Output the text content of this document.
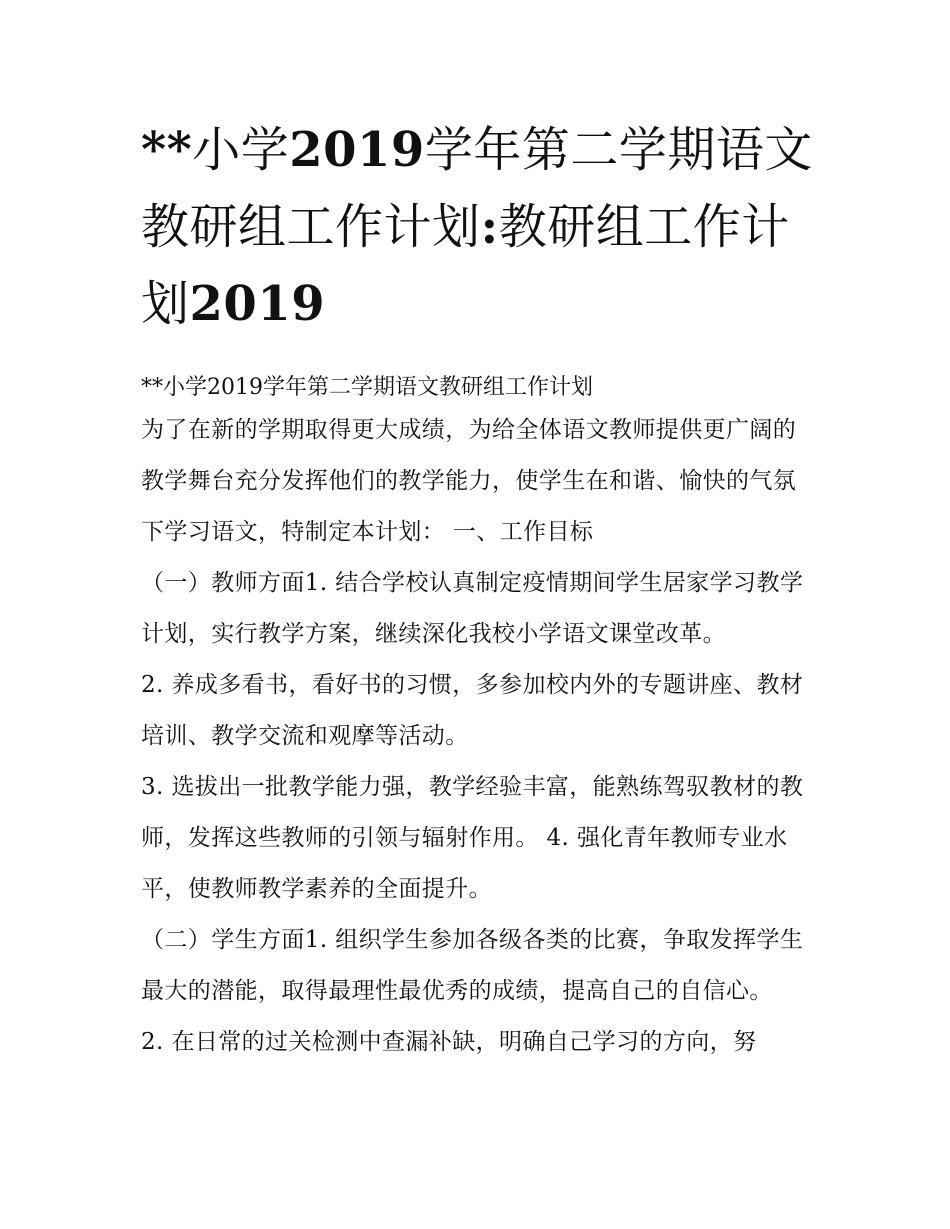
**小学2019学年第二学期语文教研组工作计划:教研组工作计划2019
**小学2019学年第二学期语文教研组工作计划

为了在新的学期取得更大成绩，为给全体语文教师提供更广阔的教学舞台充分发挥他们的教学能力，使学生在和谐、愉快的气氛下学习语文，特制定本计划： 一、工作目标

（一）教师方面1. 结合学校认真制定疫情期间学生居家学习教学计划，实行教学方案，继续深化我校小学语文课堂改革。

2. 养成多看书，看好书的习惯，多参加校内外的专题讲座、教材培训、教学交流和观摩等活动。

3. 选拔出一批教学能力强，教学经验丰富，能熟练驾驭教材的教师，发挥这些教师的引领与辐射作用。 4. 强化青年教师专业水平，使教师教学素养的全面提升。

（二）学生方面1. 组织学生参加各级各类的比赛，争取发挥学生最大的潜能，取得最理性最优秀的成绩，提高自己的自信心。

2. 在日常的过关检测中查漏补缺，明确自己学习的方向，努
